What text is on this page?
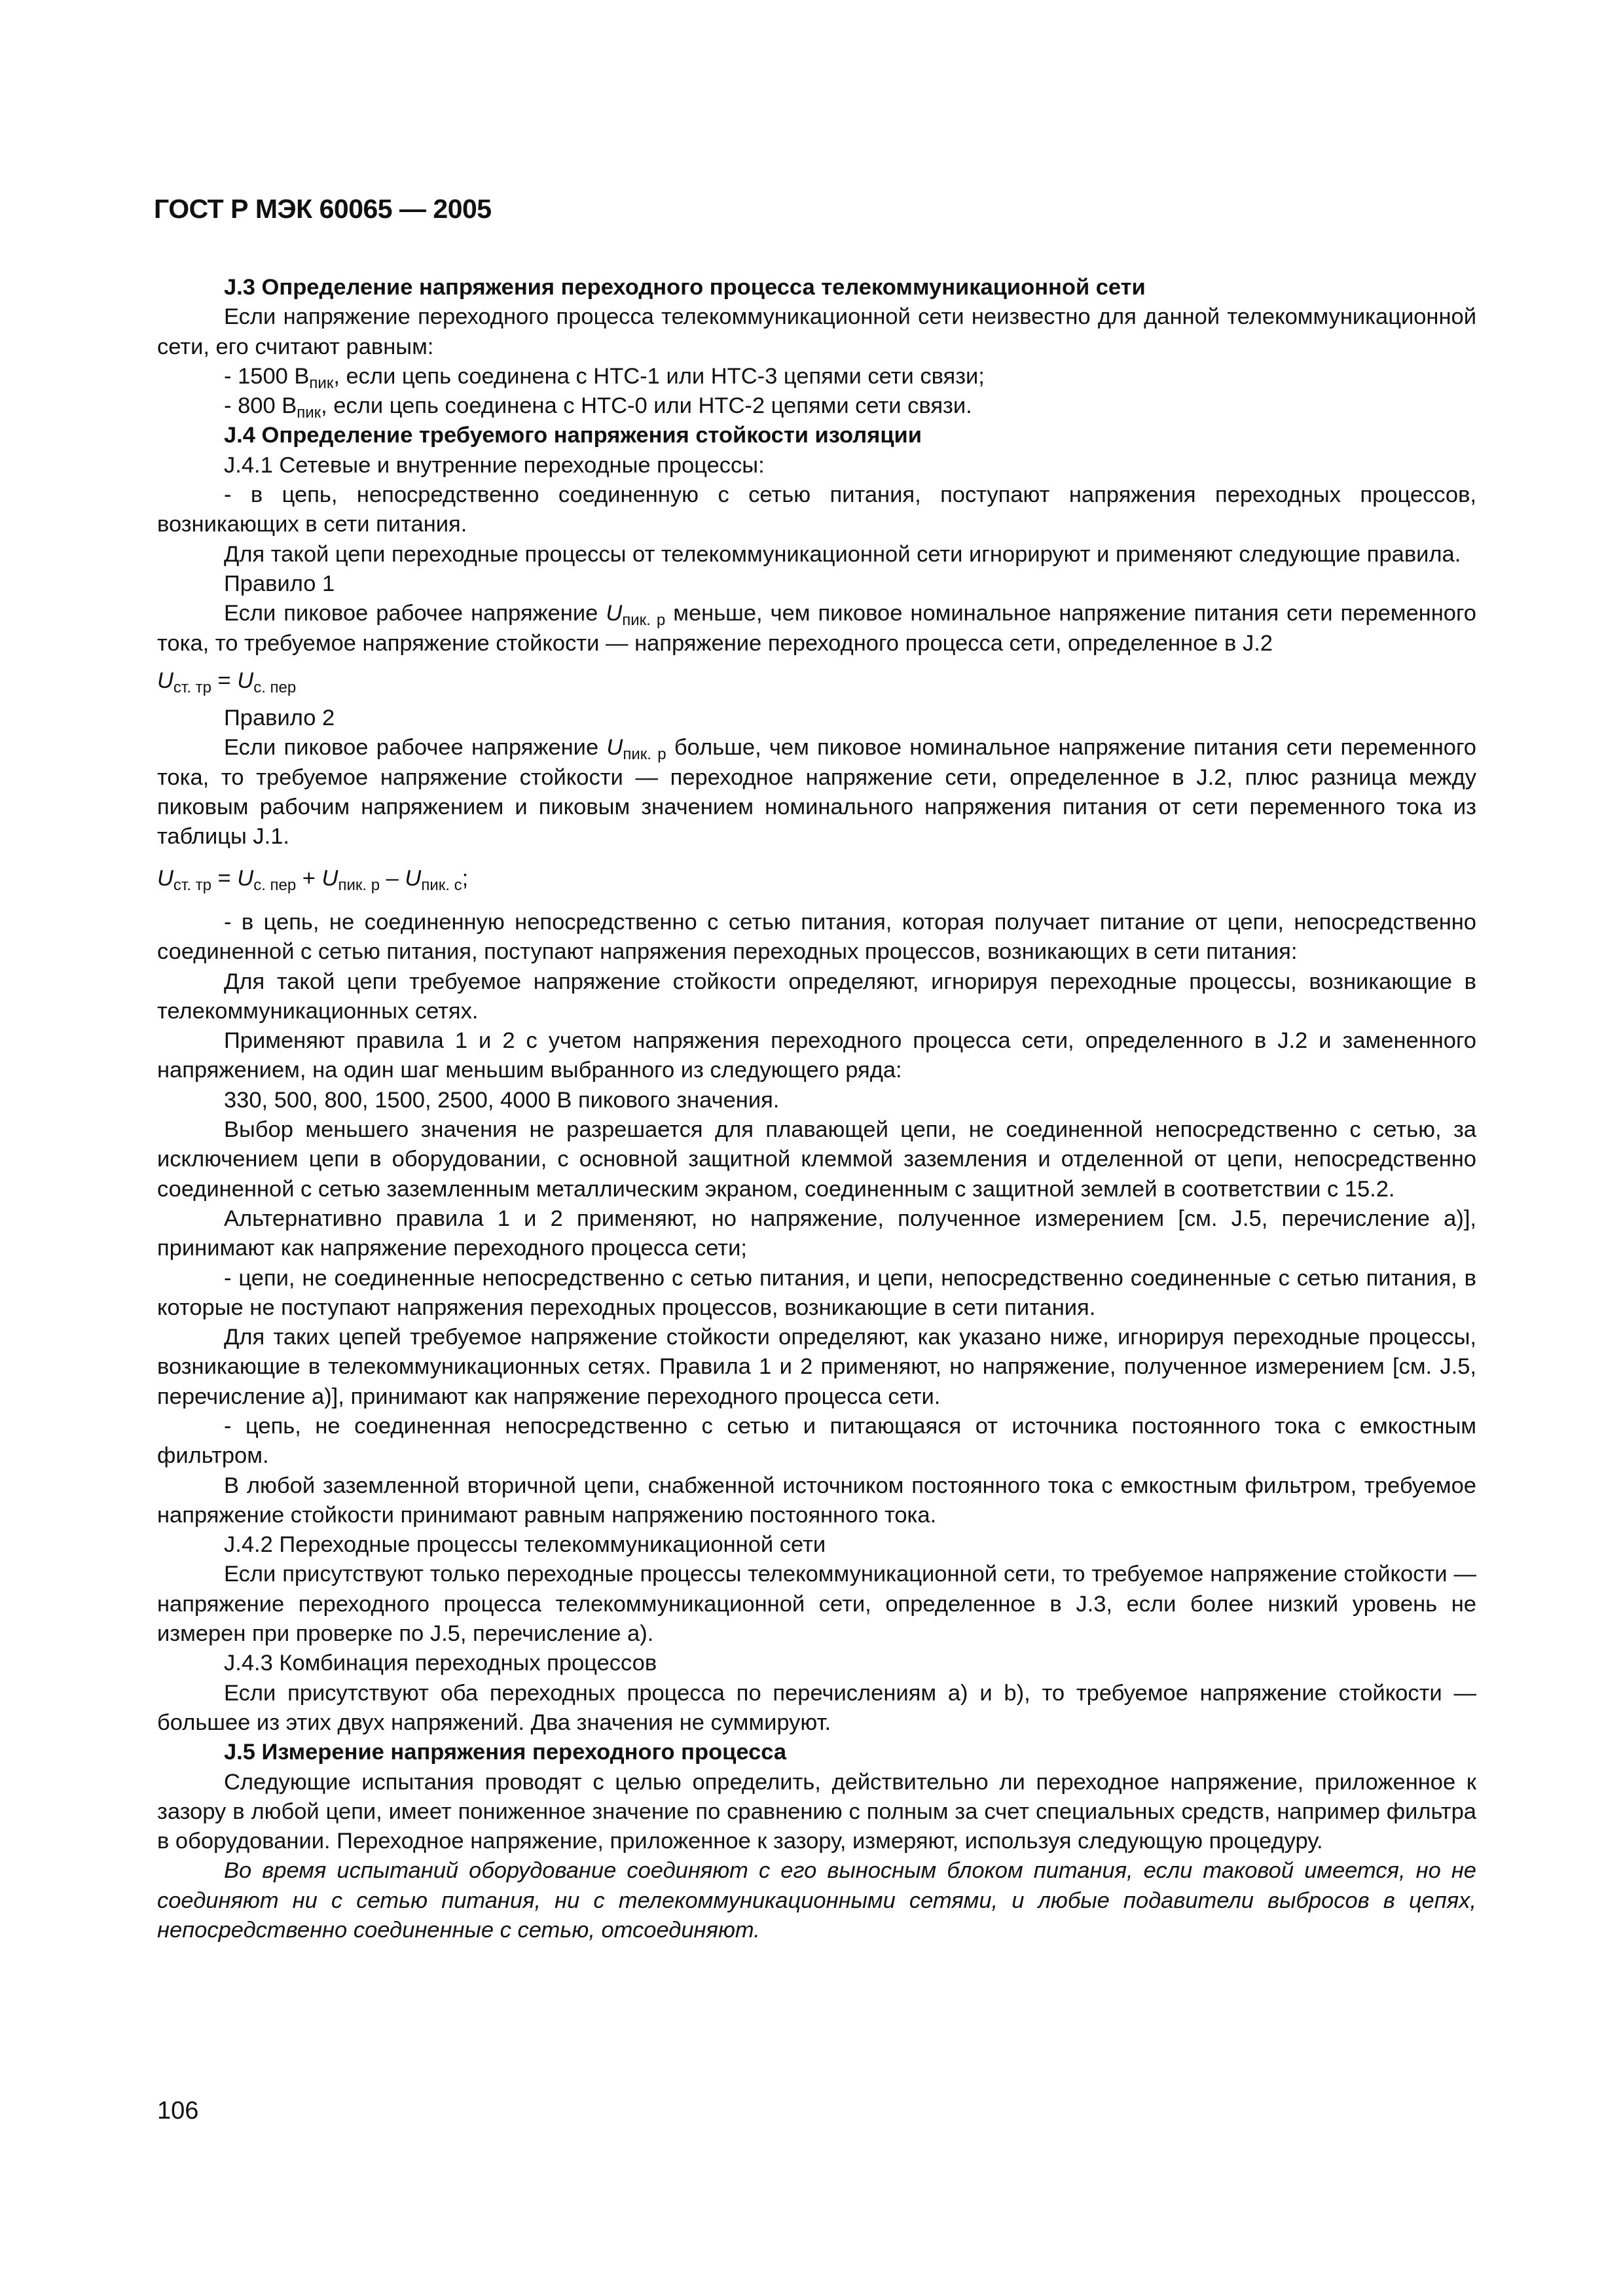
ГОСТ Р МЭК 60065 — 2005

J.3 Определение напряжения переходного процесса телекоммуникационной сети

Если напряжение переходного процесса телекоммуникационной сети неизвестно для данной телекоммуникационной сети, его считают равным:

- 1500 $В_{пик}$, если цепь соединена с НТС-1 или НТС-3 цепями сети связи;

- 800 $В_{пик}$, если цепь соединена с НТС-0 или НТС-2 цепями сети связи.

J.4 Определение требуемого напряжения стойкости изоляции

J.4.1 Сетевые и внутренние переходные процессы:

- в цепь, непосредственно соединенную с сетью питания, поступают напряжения переходных процессов, возникающих в сети питания.

Для такой цепи переходные процессы от телекоммуникационной сети игнорируют и применяют следующие правила.

Правило 1

Если пиковое рабочее напряжение $U_{пик. р}$ меньше, чем пиковое номинальное напряжение питания сети переменного тока, то требуемое напряжение стойкости — напряжение переходного процесса сети, определенное в J.2

$U_{ст. тр} = U_{с. пер}$

Правило 2

Если пиковое рабочее напряжение $U_{пик. р}$ больше, чем пиковое номинальное напряжение питания сети переменного тока, то требуемое напряжение стойкости — переходное напряжение сети, определенное в J.2, плюс разница между пиковым рабочим напряжением и пиковым значением номинального напряжения питания от сети переменного тока из таблицы J.1.

$U_{ст. тр} = U_{с. пер} + U_{пик. р} - U_{пик. с}$;

- в цепь, не соединенную непосредственно с сетью питания, которая получает питание от цепи, непосредственно соединенной с сетью питания, поступают напряжения переходных процессов, возникающих в сети питания:

Для такой цепи требуемое напряжение стойкости определяют, игнорируя переходные процессы, возникающие в телекоммуникационных сетях.

Применяют правила 1 и 2 с учетом напряжения переходного процесса сети, определенного в J.2 и замененного напряжением, на один шаг меньшим выбранного из следующего ряда:

330, 500, 800, 1500, 2500, 4000 В пикового значения.

Выбор меньшего значения не разрешается для плавающей цепи, не соединенной непосредственно с сетью, за исключением цепи в оборудовании, с основной защитной клеммой заземления и отделенной от цепи, непосредственно соединенной с сетью заземленным металлическим экраном, соединенным с защитной землей в соответствии с 15.2.

Альтернативно правила 1 и 2 применяют, но напряжение, полученное измерением [см. J.5, перечисление а)], принимают как напряжение переходного процесса сети;

- цепи, не соединенные непосредственно с сетью питания, и цепи, непосредственно соединенные с сетью питания, в которые не поступают напряжения переходных процессов, возникающие в сети питания.

Для таких цепей требуемое напряжение стойкости определяют, как указано ниже, игнорируя переходные процессы, возникающие в телекоммуникационных сетях. Правила 1 и 2 применяют, но напряжение, полученное измерением [см. J.5, перечисление а)], принимают как напряжение переходного процесса сети.

- цепь, не соединенная непосредственно с сетью и питающаяся от источника постоянного тока с емкостным фильтром.

В любой заземленной вторичной цепи, снабженной источником постоянного тока с емкостным фильтром, требуемое напряжение стойкости принимают равным напряжению постоянного тока.

J.4.2 Переходные процессы телекоммуникационной сети

Если присутствуют только переходные процессы телекоммуникационной сети, то требуемое напряжение стойкости — напряжение переходного процесса телекоммуникационной сети, определенное в J.3, если более низкий уровень не измерен при проверке по J.5, перечисление а).

J.4.3 Комбинация переходных процессов

Если присутствуют оба переходных процесса по перечислениям а) и b), то требуемое напряжение стойкости — большее из этих двух напряжений. Два значения не суммируют.

J.5 Измерение напряжения переходного процесса

Следующие испытания проводят с целью определить, действительно ли переходное напряжение, приложенное к зазору в любой цепи, имеет пониженное значение по сравнению с полным за счет специальных средств, например фильтра в оборудовании. Переходное напряжение, приложенное к зазору, измеряют, используя следующую процедуру.

Во время испытаний оборудование соединяют с его выносным блоком питания, если таковой имеется, но не соединяют ни с сетью питания, ни с телекоммуникационными сетями, и любые подавители выбросов в цепях, непосредственно соединенные с сетью, отсоединяют.

106
